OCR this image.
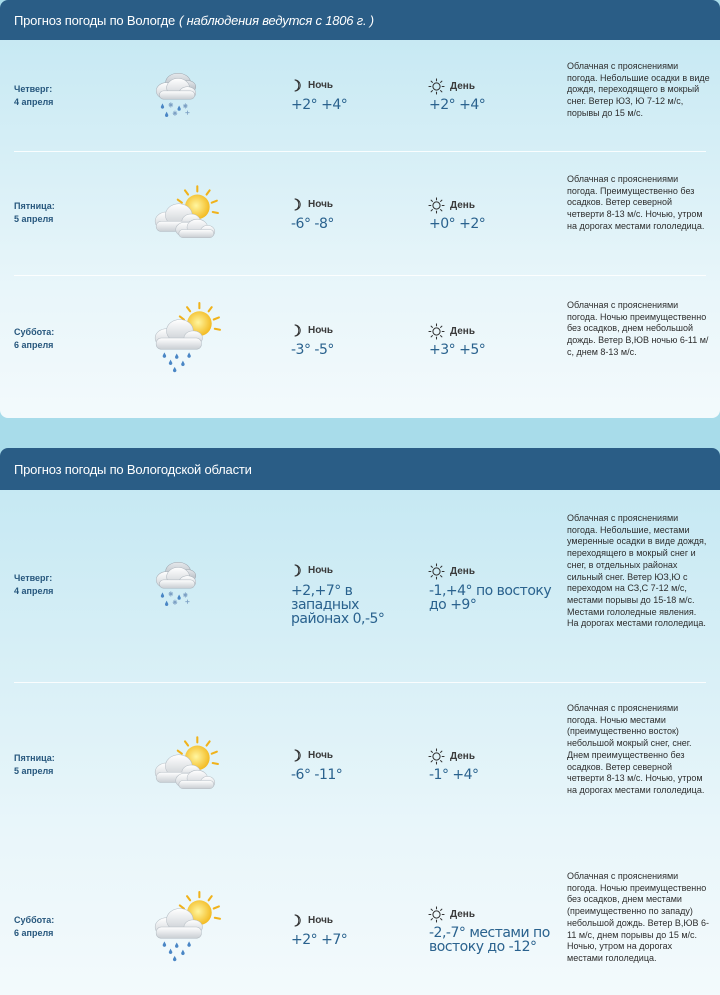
Прогноз погоды по Вологде ( наблюдения ведутся с 1806 г. )
Четверг:
4 апреля
Ночь
+2° +4°
День
+2° +4°
Облачная с прояснениями погода. Небольшие осадки в виде дождя, переходящего в мокрый снег. Ветер ЮЗ, Ю 7-12 м/с, порывы до 15 м/с.
Пятница:
5 апреля
Ночь
-6° -8°
День
+0° +2°
Облачная с прояснениями погода. Преимущественно без осадков. Ветер северной четверти 8-13 м/с. Ночью, утром на дорогах местами гололедица.
Суббота:
6 апреля
Ночь
-3° -5°
День
+3° +5°
Облачная с прояснениями погода. Ночью преимущественно без осадков, днем небольшой дождь. Ветер В,ЮВ ночью 6-11 м/с, днем 8-13 м/с.
Прогноз погоды по Вологодской области
Четверг:
4 апреля
Ночь
+2,+7° в западных районах 0,-5°
День
-1,+4° по востоку до +9°
Облачная с прояснениями погода. Небольшие, местами умеренные осадки в виде дождя, переходящего в мокрый снег и снег, в отдельных районах сильный снег. Ветер ЮЗ,Ю с переходом на СЗ,С 7-12 м/с, местами порывы до 15-18 м/с. Местами гололедные явления. На дорогах местами гололедица.
Пятница:
5 апреля
Ночь
-6° -11°
День
-1° +4°
Облачная с прояснениями погода. Ночью местами (преимущественно восток) небольшой мокрый снег, снег. Днем преимущественно без осадков. Ветер северной четверти 8-13 м/с. Ночью, утром на дорогах местами гололедица.
Суббота:
6 апреля
Ночь
+2° +7°
День
-2,-7° местами по востоку до -12°
Облачная с прояснениями погода. Ночью преимущественно без осадков, днем местами (преимущественно по западу) небольшой дождь. Ветер В,ЮВ 6-11 м/с, днем порывы до 15 м/с. Ночью, утром на дорогах местами гололедица.
